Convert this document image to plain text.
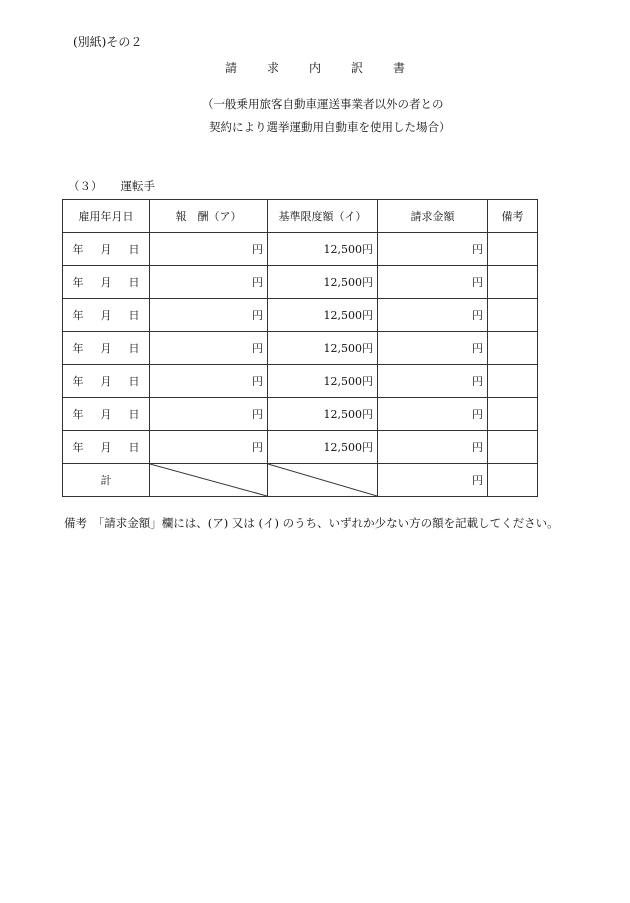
(別紙)その２
請 求 内 訳 書
（一般乗用旅客自動車運送事業者以外の者との
契約により選挙運動用自動車を使用した場合）
（３） 運転手
雇用年月日	報　酬（ア）	基準限度額（イ）	請求金額	備考
年 月 日	円	12,500円	円	
年 月 日	円	12,500円	円	
年 月 日	円	12,500円	円	
年 月 日	円	12,500円	円	
年 月 日	円	12,500円	円	
年 月 日	円	12,500円	円	
年 月 日	円	12,500円	円	
計			円	
備考　「請求金額」欄には、(ア) 又は (イ) のうち、いずれか少ない方の額を記載してください。
